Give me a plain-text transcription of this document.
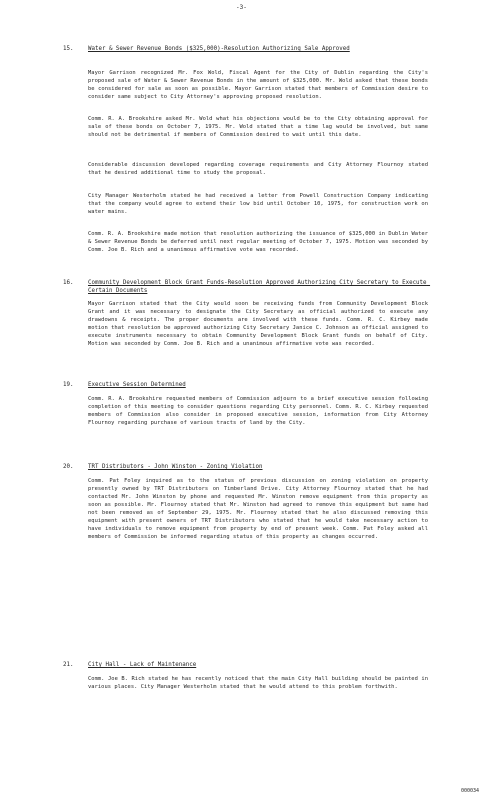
-3-
15.	Water & Sewer Revenue Bonds ($325,000)-Resolution Authorizing Sale Approved
Mayor Garrison recognized Mr. Fox Wold, Fiscal Agent for the City of Dublin regarding the City's proposed sale of Water & Sewer Revenue Bonds in the amount of $325,000. Mr. Wold asked that these bonds be considered for sale as soon as possible. Mayor Garrison stated that members of Commission desire to consider same subject to City Attorney's approving proposed resolution.
Comm. R. A. Brookshire asked Mr. Wold what his objections would be to the City obtaining approval for sale of these bonds on October 7, 1975. Mr. Wold stated that a time lag would be involved, but same should not be detrimental if members of Commission desired to wait until this date.
Considerable discussion developed regarding coverage requirements and City Attorney Flournoy stated that he desired additional time to study the proposal.
City Manager Westerholm stated he had received a letter from Powell Construction Company indicating that the company would agree to extend their low bid until October 10, 1975, for construction work on water mains.
Comm. R. A. Brookshire made motion that resolution authorizing the issuance of $325,000 in Dublin Water & Sewer Revenue Bonds be deferred until next regular meeting of October 7, 1975. Motion was seconded by Comm. Joe B. Rich and a unanimous affirmative vote was recorded.
16.	Community Development Block Grant Funds-Resolution Approved Authorizing City Secretary to Execute Certain Documents
Mayor Garrison stated that the City would soon be receiving funds from Community Development Block Grant and it was necessary to designate the City Secretary as official authorized to execute any drawdowns & receipts. The proper documents are involved with these funds. Comm. R. C. Kirbey made motion that resolution be approved authorizing City Secretary Janice C. Johnson as official assigned to execute instruments necessary to obtain Community Development Block Grant funds on behalf of City. Motion was seconded by Comm. Joe B. Rich and a unanimous affirmative vote was recorded.
19.	Executive Session Determined
Comm. R. A. Brookshire requested members of Commission adjourn to a brief executive session following completion of this meeting to consider questions regarding City personnel. Comm. R. C. Kirbey requested members of Commission also consider in proposed executive session, information from City Attorney Flournoy regarding purchase of various tracts of land by the City.
20.	TRT Distributors - John Winston - Zoning Violation
Comm. Pat Foley inquired as to the status of previous discussion on zoning violation on property presently owned by TRT Distributors on Timberland Drive. City Attorney Flournoy stated that he had contacted Mr. John Winston by phone and requested Mr. Winston remove equipment from this property as soon as possible. Mr. Flournoy stated that Mr. Winston had agreed to remove this equipment but same had not been removed as of September 29, 1975. Mr. Flournoy stated that he also discussed removing this equipment with present owners of TRT Distributors who stated that he would take necessary action to have individuals to remove equipment from property by end of present week. Comm. Pat Foley asked all members of Commission be informed regarding status of this property as changes occurred.
21.	City Hall - Lack of Maintenance
Comm. Joe B. Rich stated he has recently noticed that the main City Hall building should be painted in various places. City Manager Westerholm stated that he would attend to this problem forthwith.
000034
